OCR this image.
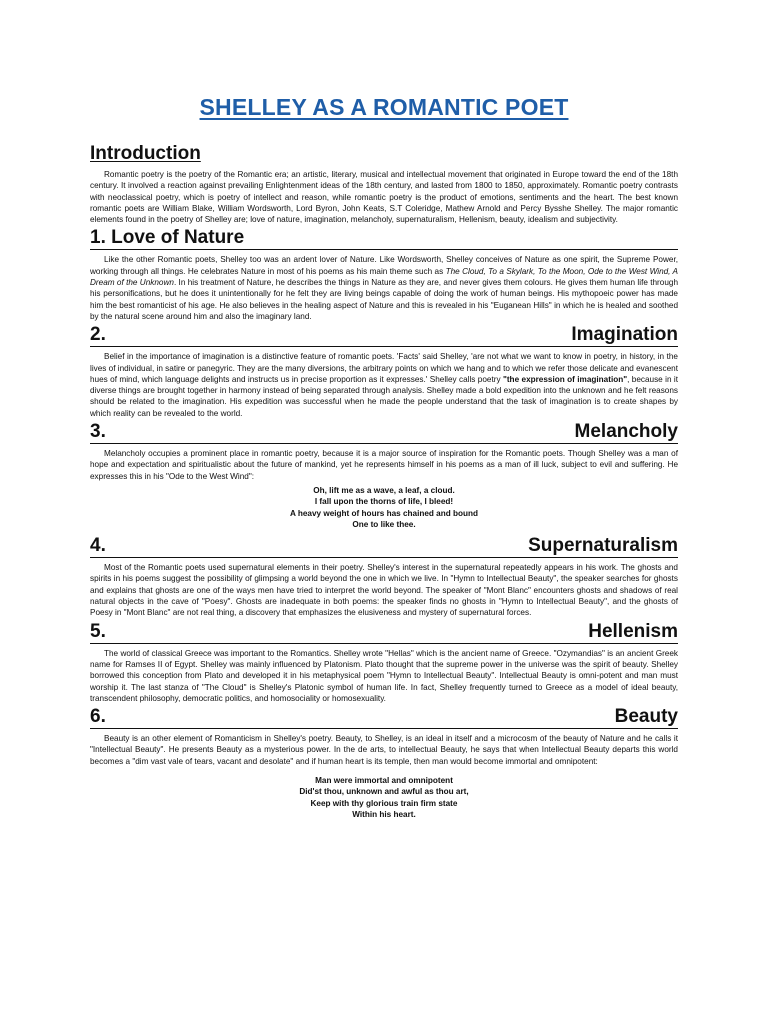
SHELLEY AS A ROMANTIC POET
Introduction

Romantic poetry is the poetry of the Romantic era; an artistic, literary, musical and intellectual movement that originated in Europe toward the end of the 18th century. It involved a reaction against prevailing Enlightenment ideas of the 18th century, and lasted from 1800 to 1850, approximately. Romantic poetry contrasts with neoclassical poetry, which is poetry of intellect and reason, while romantic poetry is the product of emotions, sentiments and the heart. The best known romantic poets are William Blake, William Wordsworth, Lord Byron, John Keats, S.T Coleridge, Mathew Arnold and Percy Bysshe Shelley. The major romantic elements found in the poetry of Shelley are; love of nature, imagination, melancholy, supernaturalism, Hellenism, beauty, idealism and subjectivity.

1. Love of Nature

Like the other Romantic poets, Shelley too was an ardent lover of Nature. Like Wordsworth, Shelley conceives of Nature as one spirit, the Supreme Power, working through all things. He celebrates Nature in most of his poems as his main theme such as The Cloud, To a Skylark, To the Moon, Ode to the West Wind, A Dream of the Unknown. In his treatment of Nature, he describes the things in Nature as they are, and never gives them colours. He gives them human life through his personifications, but he does it unintentionally for he felt they are living beings capable of doing the work of human beings. His mythopoeic power has made him the best romanticist of his age. He also believes in the healing aspect of Nature and this is revealed in his "Euganean Hills" in which he is healed and soothed by the natural scene around him and also the imaginary land.

2.	Imagination

Belief in the importance of imagination is a distinctive feature of romantic poets. 'Facts' said Shelley, 'are not what we want to know in poetry, in history, in the lives of individual, in satire or panegyric. They are the many diversions, the arbitrary points on which we hang and to which we refer those delicate and evanescent hues of mind, which language delights and instructs us in precise proportion as it expresses.' Shelley calls poetry "the expression of imagination", because in it diverse things are brought together in harmony instead of being separated through analysis. Shelley made a bold expedition into the unknown and he felt reasons should be related to the imagination. His expedition was successful when he made the people understand that the task of imagination is to create shapes by which reality can be revealed to the world.

3.	Melancholy

Melancholy occupies a prominent place in romantic poetry, because it is a major source of inspiration for the Romantic poets. Though Shelley was a man of hope and expectation and spiritualistic about the future of mankind, yet he represents himself in his poems as a man of ill luck, subject to evil and suffering. He expresses this in his "Ode to the West Wind":

Oh, lift me as a wave, a leaf, a cloud.
I fall upon the thorns of life, I bleed!
A heavy weight of hours has chained and bound
One to like thee.
4.	Supernaturalism

Most of the Romantic poets used supernatural elements in their poetry. Shelley's interest in the supernatural repeatedly appears in his work. The ghosts and spirits in his poems suggest the possibility of glimpsing a world beyond the one in which we live. In "Hymn to Intellectual Beauty", the speaker searches for ghosts and explains that ghosts are one of the ways men have tried to interpret the world beyond. The speaker of "Mont Blanc" encounters ghosts and shadows of real natural objects in the cave of "Poesy". Ghosts are inadequate in both poems: the speaker finds no ghosts in "Hymn to Intellectual Beauty", and the ghosts of Poesy in "Mont Blanc" are not real thing, a discovery that emphasizes the elusiveness and mystery of supernatural forces.

5.	Hellenism

The world of classical Greece was important to the Romantics. Shelley wrote "Hellas" which is the ancient name of Greece. "Ozymandias" is an ancient Greek name for Ramses II of Egypt. Shelley was mainly influenced by Platonism. Plato thought that the supreme power in the universe was the spirit of beauty. Shelley borrowed this conception from Plato and developed it in his metaphysical poem "Hymn to Intellectual Beauty". Intellectual Beauty is omni-potent and man must worship it. The last stanza of "The Cloud" is Shelley's Platonic symbol of human life. In fact, Shelley frequently turned to Greece as a model of ideal beauty, transcendent philosophy, democratic politics, and homosociality or homosexuality.

6.	Beauty

Beauty is an other element of Romanticism in Shelley's poetry. Beauty, to Shelley, is an ideal in itself and a microcosm of the beauty of Nature and he calls it "Intellectual Beauty". He presents Beauty as a mysterious power. In the de arts, to intellectual Beauty, he says that when Intellectual Beauty departs this world becomes a "dim vast vale of tears, vacant and desolate" and if human heart is its temple, then man would become immortal and omnipotent:

Man were immortal and omnipotent
Did'st thou, unknown and awful as thou art,
Keep with thy glorious train firm state
Within his heart.
